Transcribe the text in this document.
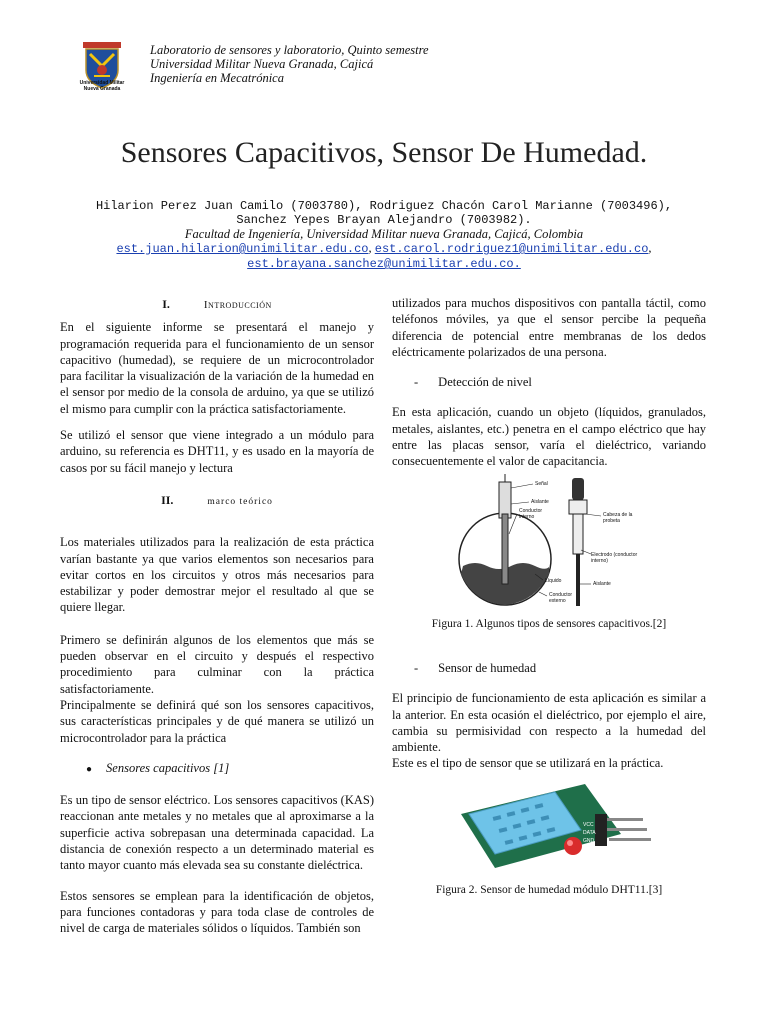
Universidad Militar
Nueva Granada
Laboratorio de sensores y laboratorio, Quinto semestre
Universidad Militar Nueva Granada, Cajicá
Ingeniería en Mecatrónica
Sensores Capacitivos, Sensor De Humedad.
Hilarion Perez Juan Camilo (7003780), Rodriguez Chacón Carol Marianne (7003496),
Sanchez Yepes Brayan Alejandro (7003982).
Facultad de Ingeniería, Universidad Militar nueva Granada, Cajicá, Colombia
est.juan.hilarion@unimilitar.edu.co, est.carol.rodriguez1@unimilitar.edu.co,
est.brayana.sanchez@unimilitar.edu.co.
I.	Introducción

En el siguiente informe se presentará el manejo y programación requerida para el funcionamiento de un sensor capacitivo (humedad), se requiere de un microcontrolador para facilitar la visualización de la variación de la humedad en el sensor por medio de la consola de arduino, ya que se utilizó el mismo para cumplir con la práctica satisfactoriamente.

Se utilizó el sensor que viene integrado a un módulo para arduino, su referencia es DHT11, y es usado en la mayoría de casos por su fácil manejo y lectura

II.	marco teórico

Los materiales utilizados para la realización de esta práctica varían bastante ya que varios elementos son necesarios para evitar cortos en los circuitos y otros más necesarios para estabilizar y poder demostrar mejor el resultado al que se quiere llegar.

Primero se definirán algunos de los elementos que más se pueden observar en el circuito y después el respectivo procedimiento para culminar con la práctica satisfactoriamente.

Principalmente se definirá qué son los sensores capacitivos, sus características principales y de qué manera se utilizó un microcontrolador para la práctica

● Sensores capacitivos [1]

Es un tipo de sensor eléctrico. Los sensores capacitivos (KAS) reaccionan ante metales y no metales que al aproximarse a la superficie activa sobrepasan una determinada capacidad. La distancia de conexión respecto a un determinado material es tanto mayor cuanto más elevada sea su constante dieléctrica.

Estos sensores se emplean para la identificación de objetos, para funciones contadoras y para toda clase de controles de nivel de carga de materiales sólidos o líquidos. También son

utilizados para muchos dispositivos con pantalla táctil, como teléfonos móviles, ya que el sensor percibe la pequeña diferencia de potencial entre membranas de los dedos eléctricamente polarizados de una persona.

- Detección de nivel

En esta aplicación, cuando un objeto (líquidos, granulados, metales, aislantes, etc.) penetra en el campo eléctrico que hay entre las placas sensor, varía el dieléctrico, variando consecuentemente el valor de capacitancia.

Señal
Aislante
Conductor interno
Líquido
Conductor externo
Cabeza de la probeta
Electrodo (conductor interno)
Aislante
Figura 1. Algunos tipos de sensores capacitivos.[2]
- Sensor de humedad

El principio de funcionamiento de esta aplicación es similar a la anterior. En esta ocasión el dieléctrico, por ejemplo el aire, cambia su permisividad con respecto a la humedad del ambiente.

Este es el tipo de sensor que se utilizará en la práctica.

VCC
DATA
GND
Figura 2. Sensor de humedad módulo DHT11.[3]
